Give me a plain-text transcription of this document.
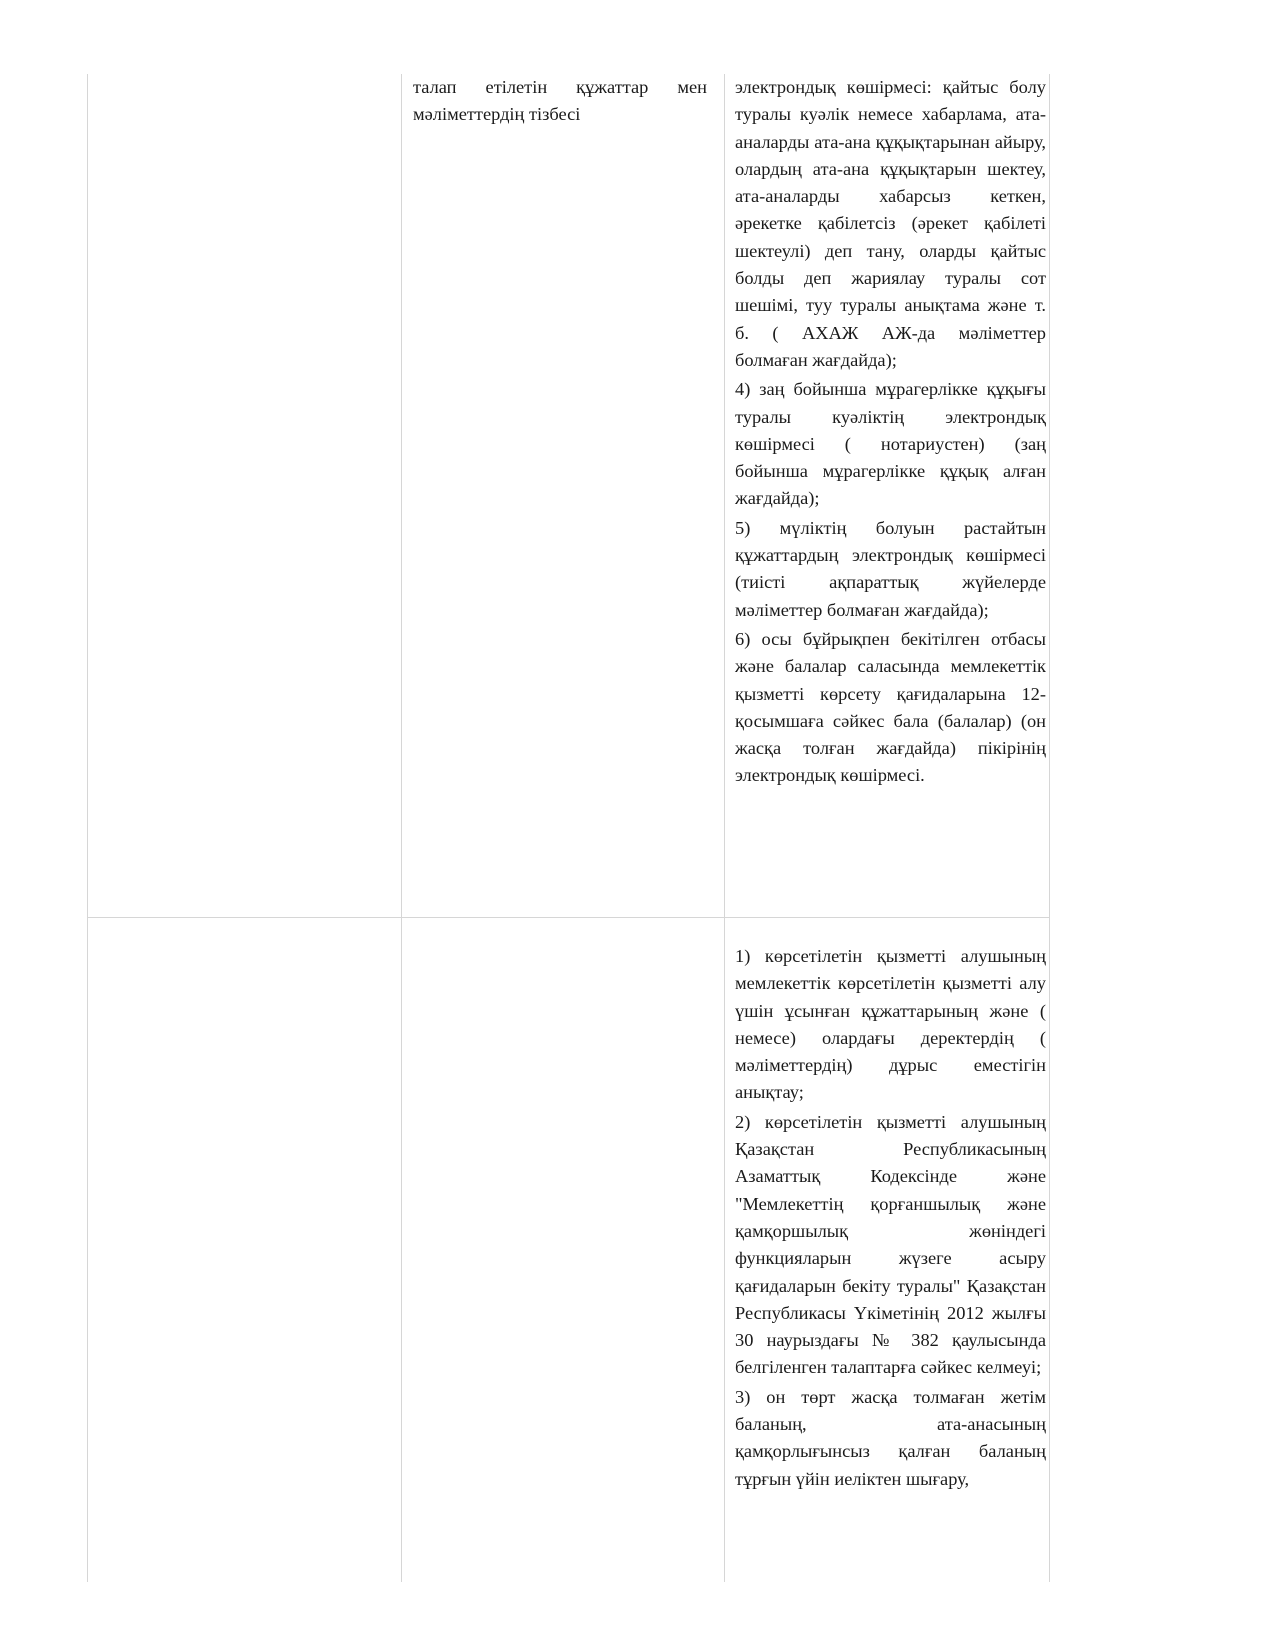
талап етілетін құжаттар мен мәліметтердің тізбесі

электрондық көшірмесі: қайтыс болу туралы куәлік немесе хабарлама, ата-аналарды ата-ана құқықтарынан айыру, олардың ата-ана құқықтарын шектеу, ата-аналарды хабарсыз кеткен, әрекетке қабілетсіз (әрекет қабілеті шектеулі) деп тану, оларды қайтыс болды деп жариялау туралы сот шешімі, туу туралы анықтама және т. б. ( АХАЖ АЖ-да мәліметтер болмаған жағдайда);

4) заң бойынша мұрагерлікке құқығы туралы куәліктің электрондық көшірмесі ( нотариустен) (заң бойынша мұрагерлікке құқық алған жағдайда);

5) мүліктің болуын растайтын құжаттардың электрондық көшірмесі (тиісті ақпараттық жүйелерде мәліметтер болмаған жағдайда);

6) осы бұйрықпен бекітілген отбасы және балалар саласында мемлекеттік қызметті көрсету қағидаларына 12-қосымшаға сәйкес бала (балалар) (он жасқа толған жағдайда) пікірінің электрондық көшірмесі.

1) көрсетілетін қызметті алушының мемлекеттік көрсетілетін қызметті алу үшін ұсынған құжаттарының және ( немесе) олардағы деректердің ( мәліметтердің) дұрыс еместігін анықтау;

2) көрсетілетін қызметті алушының Қазақстан Республикасының Азаматтық Кодексінде және "Мемлекеттің қорғаншылық және қамқоршылық жөніндегі функцияларын жүзеге асыру қағидаларын бекіту туралы" Қазақстан Республикасы Үкіметінің 2012 жылғы 30 наурыздағы № 382 қаулысында белгіленген талаптарға сәйкес келмеуі;

3) он төрт жасқа толмаған жетім баланың, ата-анасының қамқорлығынсыз қалған баланың тұрғын үйін иеліктен шығару,
